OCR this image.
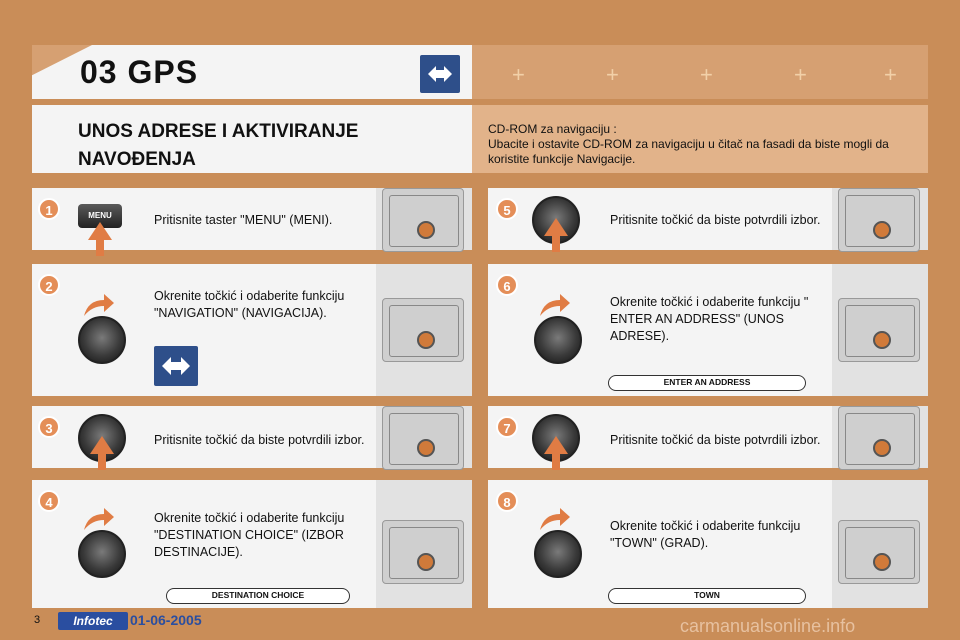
03 GPS	+	+	+	+	+
UNOS ADRESE I AKTIVIRANJE
NAVOĐENJA
CD-ROM za navigaciju :
Ubacite i ostavite CD-ROM za navigaciju u čitač na fasadi da biste mogli da koristite funkcije Navigacije.
Pritisnite taster "MENU" (MENI).
1	MENU
Okrenite točkić i odaberite funkciju "NAVIGATION" (NAVIGACIJA).
2
Pritisnite točkić da biste potvrdili izbor.
3
Okrenite točkić i odaberite funkciju "DESTINATION CHOICE" (IZBOR DESTINACIJE).
4
DESTINATION CHOICE
Pritisnite točkić da biste potvrdili izbor.
5
Okrenite točkić i odaberite funkciju " ENTER AN ADDRESS" (UNOS ADRESE).
6
ENTER AN ADDRESS
Pritisnite točkić da biste potvrdili izbor.
7
Okrenite točkić i odaberite funkciju "TOWN" (GRAD).
8
TOWN
3	Infotec	01-06-2005	carmanualsonline.info
